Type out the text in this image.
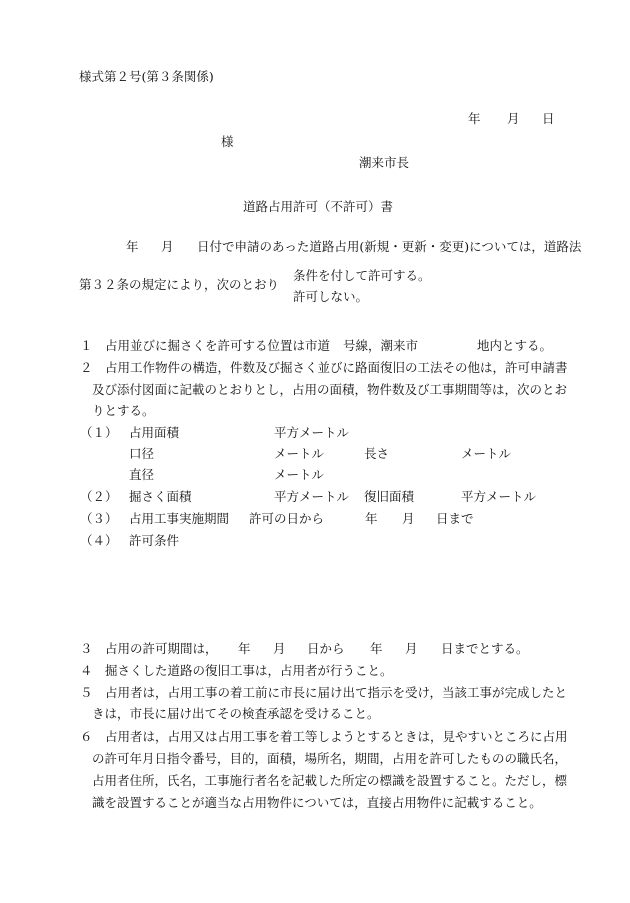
様式第２号(第３条関係)
年 月 日
様
潮来市長
道路占用許可（不許可）書
年 月 日付で申請のあった道路占用(新規・更新・変更)については，道路法
第３２条の規定により，次のとおり
条件を付して許可する。
許可しない。
１ 占用並びに掘さくを許可する位置は市道 号線，潮来市	地内とする。
２ 占用工作物件の構造，件数及び掘さく並びに路面復旧の工法その他は，許可申請書
及び添付図面に記載のとおりとし，占用の面積，物件数及び工事期間等は，次のとお
りとする。
（１） 占用面積	平方メートル
口径	メートル	長さ	メートル
直径	メートル
（２） 掘さく面積	平方メートル 復旧面積	平方メートル
（３） 占用工事実施期間 許可の日から	年 月 日まで
（４） 許可条件
３ 占用の許可期間は， 年 月 日から 年 月 日までとする。
４ 掘さくした道路の復旧工事は，占用者が行うこと。
５ 占用者は，占用工事の着工前に市長に届け出て指示を受け，当該工事が完成したと
きは，市長に届け出てその検査承認を受けること。
６ 占用者は，占用又は占用工事を着工等しようとするときは，見やすいところに占用
の許可年月日指令番号，目的，面積，場所名，期間，占用を許可したものの職氏名，
占用者住所，氏名，工事施行者名を記載した所定の標識を設置すること。ただし，標
識を設置することが適当な占用物件については，直接占用物件に記載すること。
